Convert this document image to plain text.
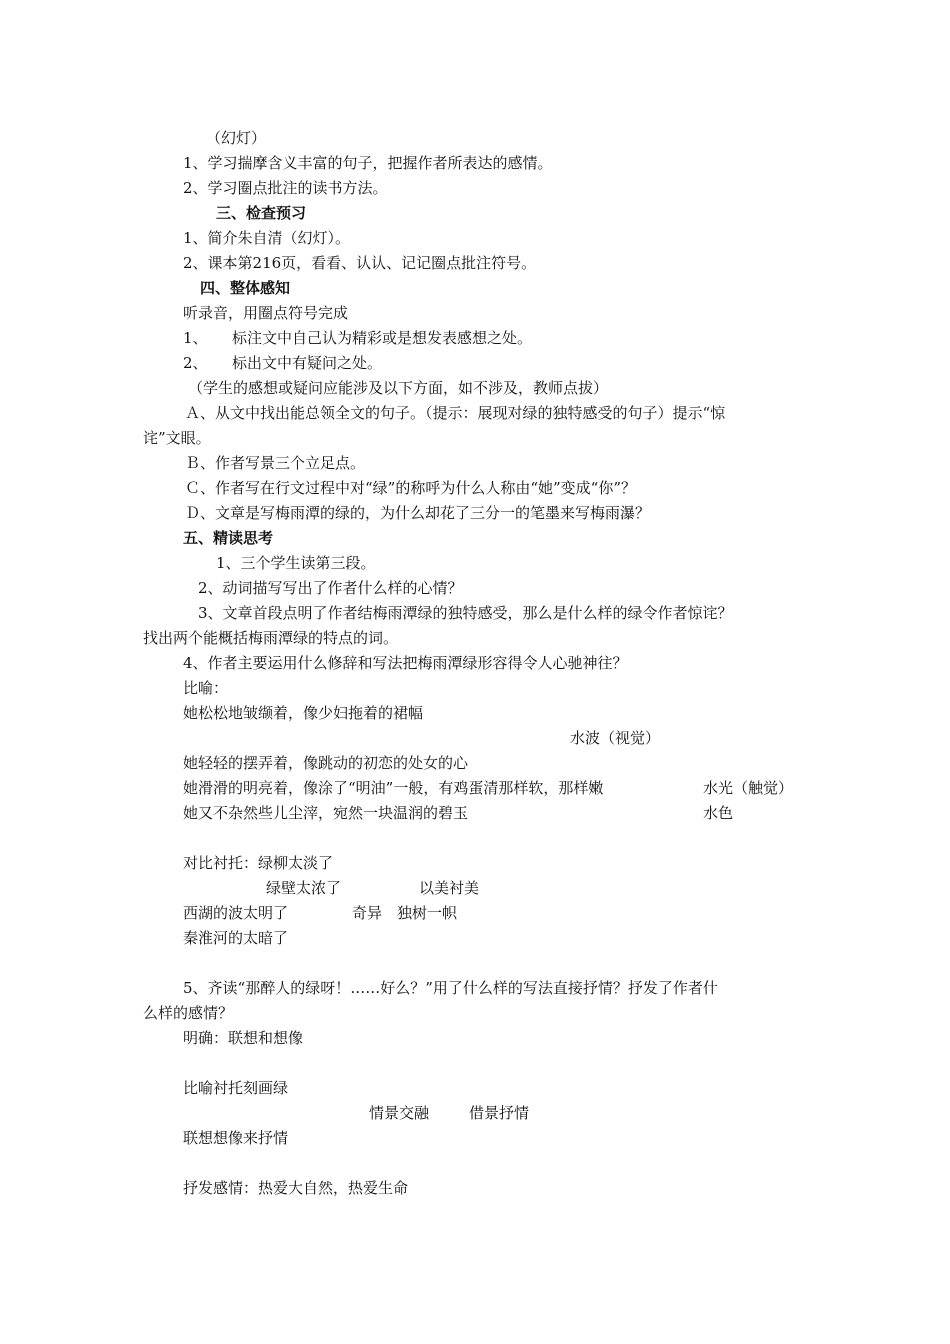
（幻灯）
1、学习揣摩含义丰富的句子，把握作者所表达的感情。
2、学习圈点批注的读书方法。
三、检查预习
1、简介朱自清（幻灯）。
2、课本第216页，看看、认认、记记圈点批注符号。
四、整体感知
听录音，用圈点符号完成
1、 标注文中自己认为精彩或是想发表感想之处。
2、 标出文中有疑问之处。
（学生的感想或疑问应能涉及以下方面，如不涉及，教师点拔）
Ａ、从文中找出能总领全文的句子。（提示：展现对绿的独特感受的句子）提示“惊
诧”文眼。
Ｂ、作者写景三个立足点。
Ｃ、作者写在行文过程中对“绿”的称呼为什么人称由“她”变成“你”？
Ｄ、文章是写梅雨潭的绿的，为什么却花了三分一的笔墨来写梅雨瀑？
五、精读思考
1、三个学生读第三段。
2、动词描写写出了作者什么样的心情？
3、文章首段点明了作者结梅雨潭绿的独特感受，那么是什么样的绿令作者惊诧？
找出两个能概括梅雨潭绿的特点的词。
4、作者主要运用什么修辞和写法把梅雨潭绿形容得令人心驰神往？
比喻：
她松松地皱缬着，像少妇拖着的裙幅
水波（视觉）
她轻轻的摆弄着，像跳动的初恋的处女的心
她滑滑的明亮着，像涂了“明油”一般，有鸡蛋清那样软，那样嫩	水光（触觉）
她又不杂然些儿尘滓，宛然一块温润的碧玉	水色
对比衬托：绿柳太淡了
绿壁太浓了	以美衬美
西湖的波太明了	奇异　独树一帜
秦淮河的太暗了
5、齐读“那醉人的绿呀！……好么？”用了什么样的写法直接抒情？抒发了作者什
么样的感情？
明确：联想和想像
比喻衬托刻画绿
情景交融	借景抒情
联想想像来抒情
抒发感情：热爱大自然，热爱生命
